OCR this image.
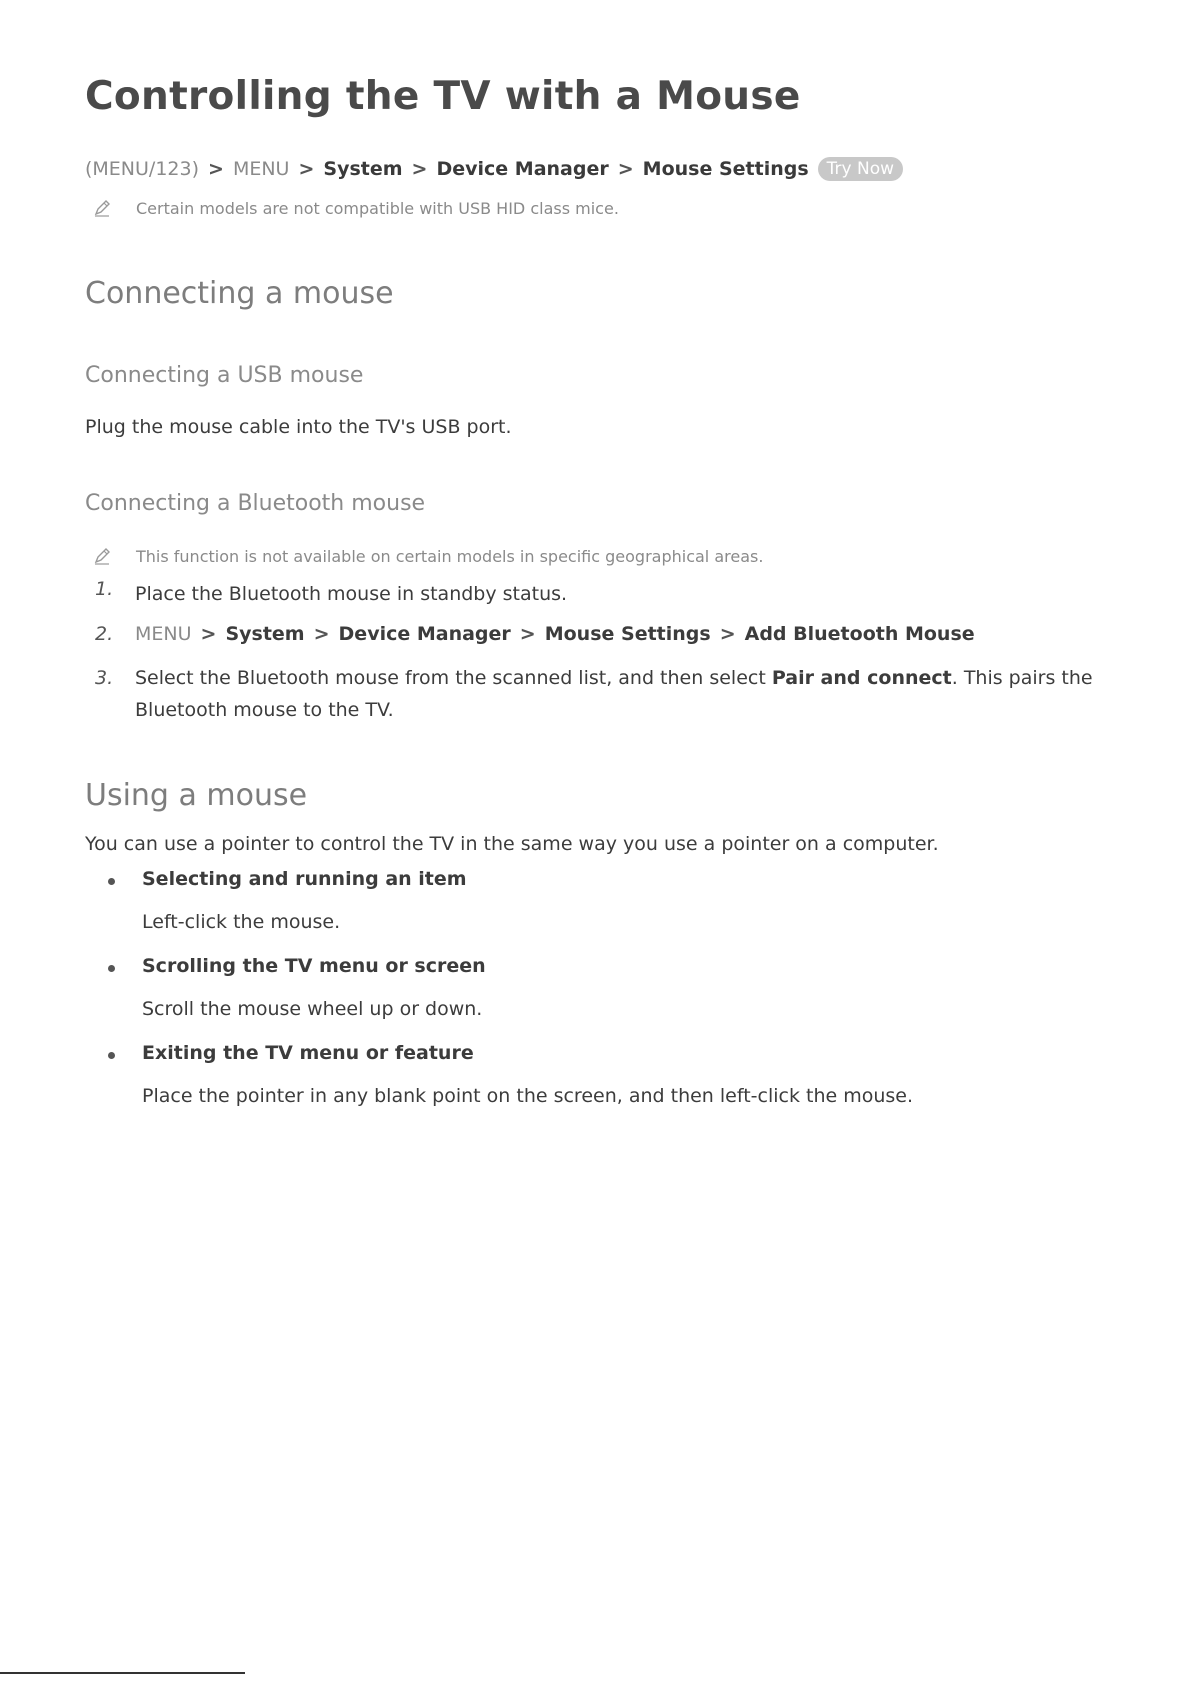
Controlling the TV with a Mouse
(MENU/123) > MENU > System > Device Manager > Mouse Settings	Try Now
Certain models are not compatible with USB HID class mice.
Connecting a mouse
Connecting a USB mouse
Plug the mouse cable into the TV's USB port.
Connecting a Bluetooth mouse
This function is not available on certain models in specific geographical areas.
1. Place the Bluetooth mouse in standby status.
2. MENU > System > Device Manager > Mouse Settings > Add Bluetooth Mouse
3. Select the Bluetooth mouse from the scanned list, and then select Pair and connect. This pairs the Bluetooth mouse to the TV.
Using a mouse
You can use a pointer to control the TV in the same way you use a pointer on a computer.
Selecting and running an item
Left-click the mouse.
Scrolling the TV menu or screen
Scroll the mouse wheel up or down.
Exiting the TV menu or feature
Place the pointer in any blank point on the screen, and then left-click the mouse.
